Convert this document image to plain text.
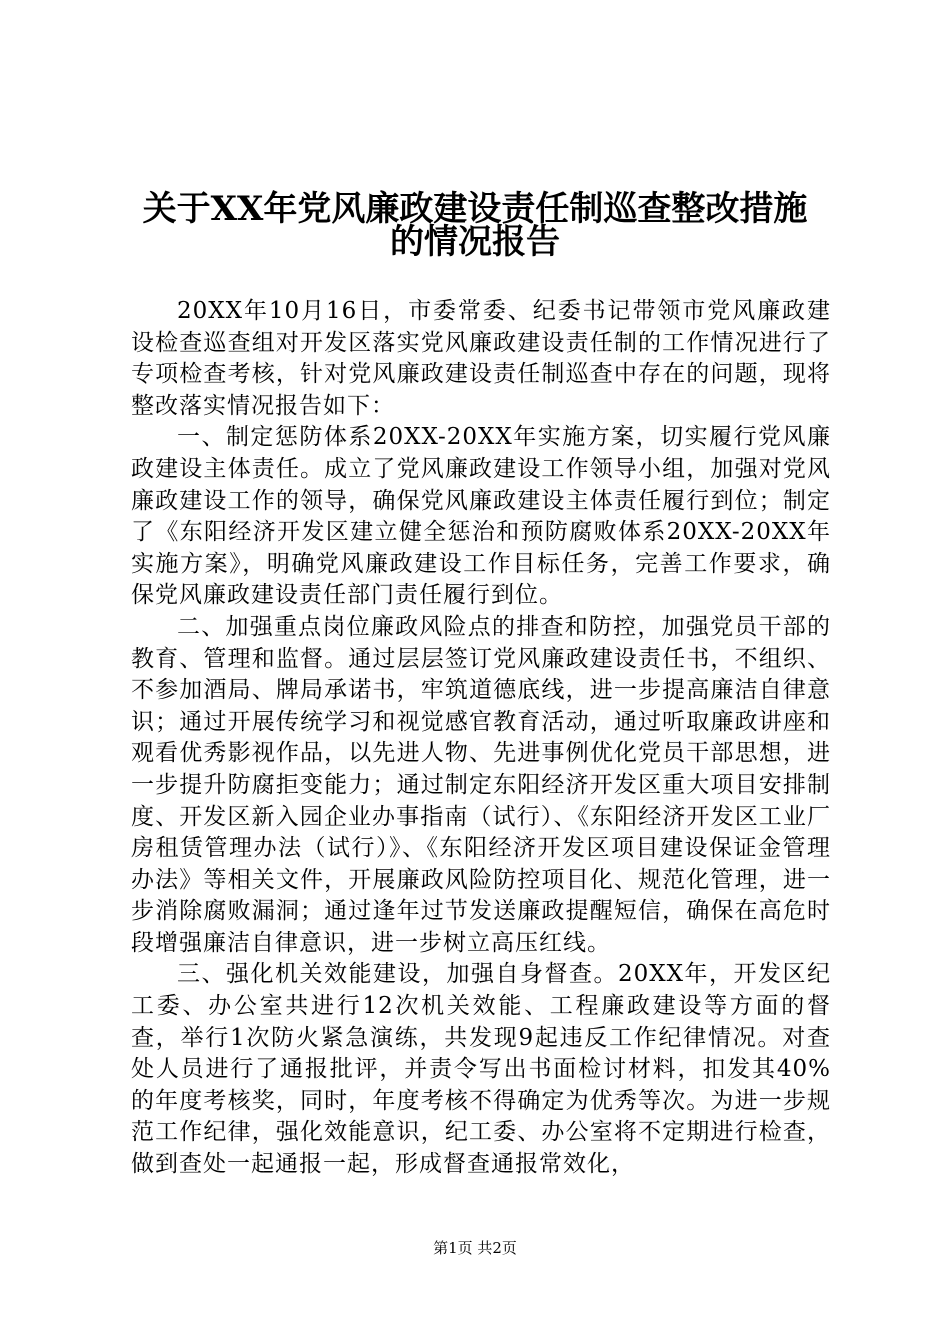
关于XX年党风廉政建设责任制巡查整改措施
的情况报告

20XX年10月16日，市委常委、纪委书记带领市党风廉政建设检查巡查组对开发区落实党风廉政建设责任制的工作情况进行了专项检查考核，针对党风廉政建设责任制巡查中存在的问题，现将整改落实情况报告如下：

一、制定惩防体系20XX-20XX年实施方案，切实履行党风廉政建设主体责任。成立了党风廉政建设工作领导小组，加强对党风廉政建设工作的领导，确保党风廉政建设主体责任履行到位；制定了《东阳经济开发区建立健全惩治和预防腐败体系20XX-20XX年实施方案》，明确党风廉政建设工作目标任务，完善工作要求，确保党风廉政建设责任部门责任履行到位。

二、加强重点岗位廉政风险点的排查和防控，加强党员干部的教育、管理和监督。通过层层签订党风廉政建设责任书，不组织、不参加酒局、牌局承诺书，牢筑道德底线，进一步提高廉洁自律意识；通过开展传统学习和视觉感官教育活动，通过听取廉政讲座和观看优秀影视作品，以先进人物、先进事例优化党员干部思想，进一步提升防腐拒变能力；通过制定东阳经济开发区重大项目安排制度、开发区新入园企业办事指南（试行）、《东阳经济开发区工业厂房租赁管理办法（试行）》、《东阳经济开发区项目建设保证金管理办法》等相关文件，开展廉政风险防控项目化、规范化管理，进一步消除腐败漏洞；通过逢年过节发送廉政提醒短信，确保在高危时段增强廉洁自律意识，进一步树立高压红线。

三、强化机关效能建设，加强自身督查。20XX年，开发区纪工委、办公室共进行12次机关效能、工程廉政建设等方面的督查，举行1次防火紧急演练，共发现9起违反工作纪律情况。对查处人员进行了通报批评，并责令写出书面检讨材料，扣发其40%的年度考核奖，同时，年度考核不得确定为优秀等次。为进一步规范工作纪律，强化效能意识，纪工委、办公室将不定期进行检查，做到查处一起通报一起，形成督查通报常效化，

第1页 共2页
